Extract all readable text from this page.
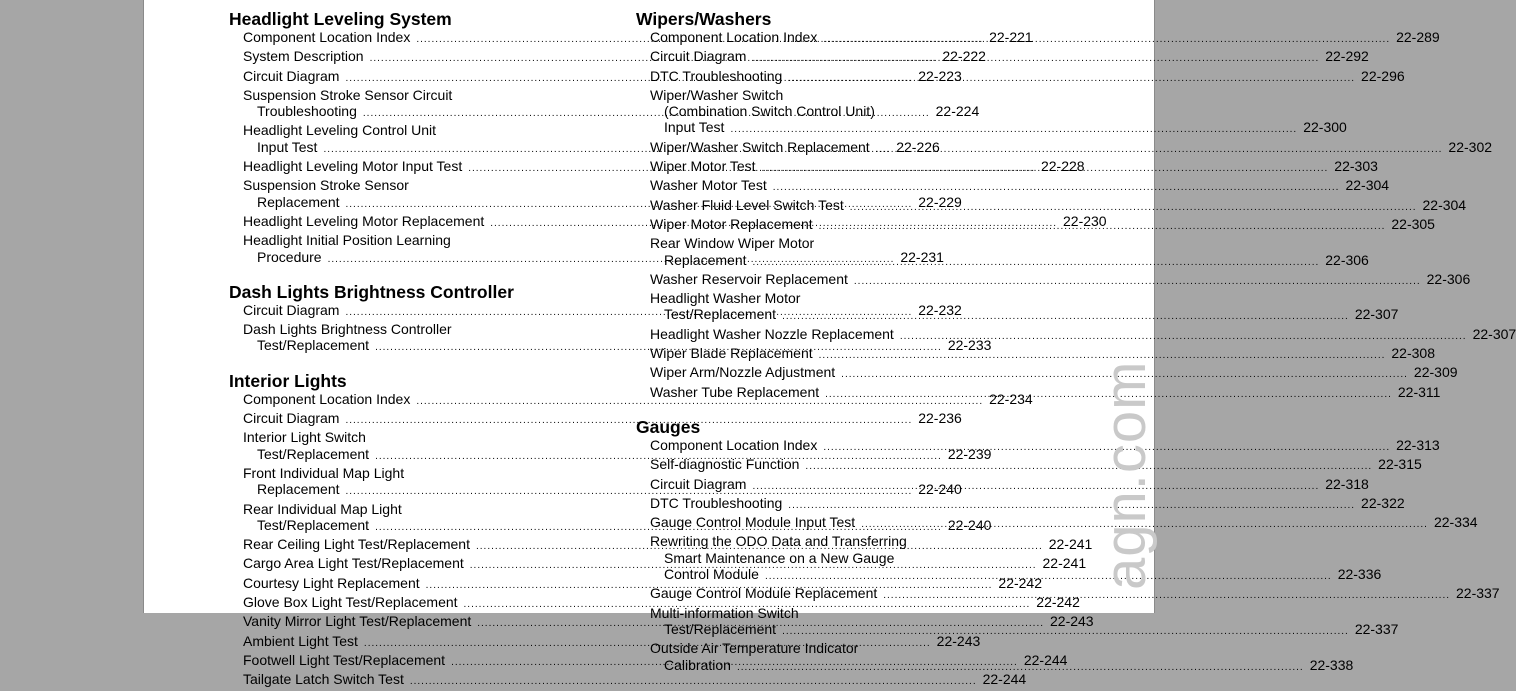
Headlight Leveling System
Component Location Index .....	22-221
System Description .....	22-222
Circuit Diagram .....	22-223
Suspension Stroke Sensor Circuit
Troubleshooting .....	22-224
Headlight Leveling Control Unit
Input Test .....	22-226
Headlight Leveling Motor Input Test .....	22-228
Suspension Stroke Sensor
Replacement .....	22-229
Headlight Leveling Motor Replacement .....	22-230
Headlight Initial Position Learning
Procedure .....	22-231
Dash Lights Brightness Controller
Circuit Diagram .....	22-232
Dash Lights Brightness Controller
Test/Replacement .....	22-233
Interior Lights
Component Location Index .....	22-234
Circuit Diagram .....	22-236
Interior Light Switch
Test/Replacement .....	22-239
Front Individual Map Light
Replacement .....	22-240
Rear Individual Map Light
Test/Replacement .....	22-240
Rear Ceiling Light Test/Replacement .....	22-241
Cargo Area Light Test/Replacement .....	22-241
Courtesy Light Replacement .....	22-242
Glove Box Light Test/Replacement .....	22-242
Vanity Mirror Light Test/Replacement .....	22-243
Ambient Light Test .....	22-243
Footwell Light Test/Replacement .....	22-244
Tailgate Latch Switch Test .....	22-244
Wipers/Washers
Component Location Index .....	22-289
Circuit Diagram .....	22-292
DTC Troubleshooting .....	22-296
Wiper/Washer Switch
(Combination Switch Control Unit)
Input Test .....	22-300
Wiper/Washer Switch Replacement .....	22-302
Wiper Motor Test .....	22-303
Washer Motor Test .....	22-304
Washer Fluid Level Switch Test .....	22-304
Wiper Motor Replacement .....	22-305
Rear Window Wiper Motor
Replacement .....	22-306
Washer Reservoir Replacement .....	22-306
Headlight Washer Motor
Test/Replacement .....	22-307
Headlight Washer Nozzle Replacement .....	22-307
Wiper Blade Replacement .....	22-308
Wiper Arm/Nozzle Adjustment .....	22-309
Washer Tube Replacement .....	22-311
Gauges
Component Location Index .....	22-313
Self-diagnostic Function .....	22-315
Circuit Diagram .....	22-318
DTC Troubleshooting .....	22-322
Gauge Control Module Input Test .....	22-334
Rewriting the ODO Data and Transferring
Smart Maintenance on a New Gauge
Control Module .....	22-336
Gauge Control Module Replacement .....	22-337
Multi-information Switch
Test/Replacement .....	22-337
Outside Air Temperature Indicator
Calibration .....	22-338
agn.com
